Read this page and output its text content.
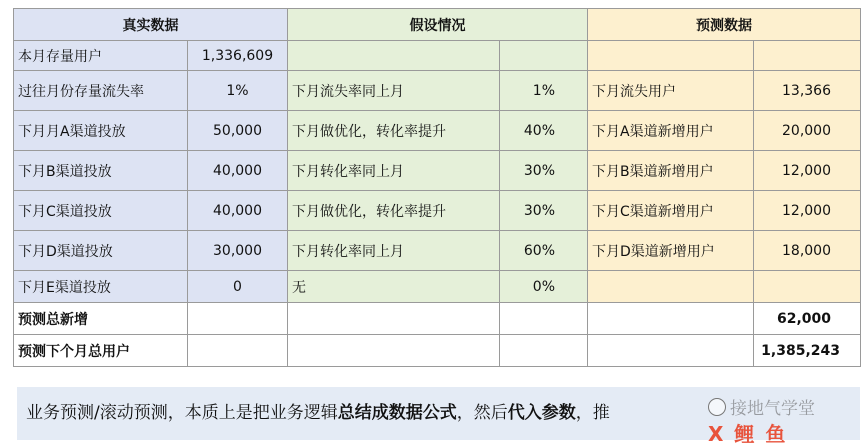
真实数据		假设情况		预测数据	
本月存量用户	1,336,609				
过往月份存量流失率	1%	下月流失率同上月	1%	下月流失用户	13,366
下月月A渠道投放	50,000	下月做优化，转化率提升	40%	下月A渠道新增用户	20,000
下月B渠道投放	40,000	下月转化率同上月	30%	下月B渠道新增用户	12,000
下月C渠道投放	40,000	下月做优化，转化率提升	30%	下月C渠道新增用户	12,000
下月D渠道投放	30,000	下月转化率同上月	60%	下月D渠道新增用户	18,000
下月E渠道投放	0	无	0%		
预测总新增					62,000
预测下个月总用户					1,385,243
业务预测/滚动预测，本质上是把业务逻辑总结成数据公式，然后代入参数，推	接地气学堂
X 鲤 鱼
